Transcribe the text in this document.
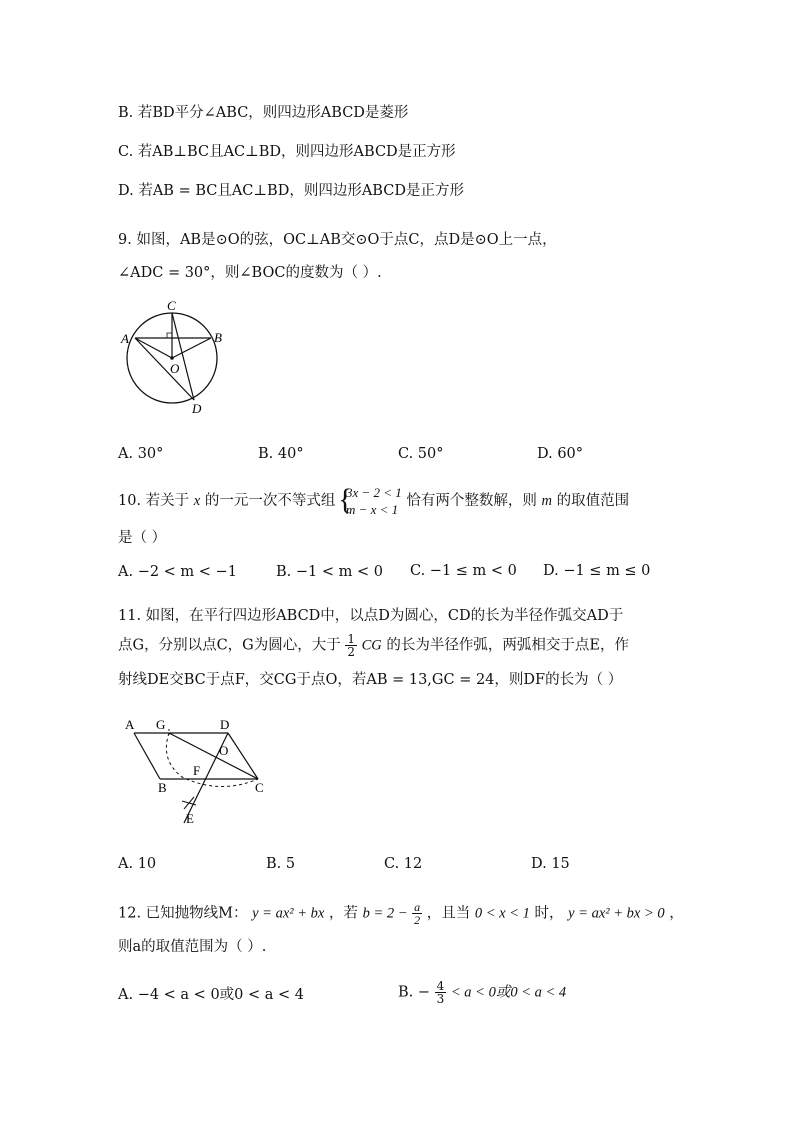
B. 若BD平分∠ABC，则四边形ABCD是菱形
C. 若AB⊥BC且AC⊥BD，则四边形ABCD是正方形
D. 若AB = BC且AC⊥BD，则四边形ABCD是正方形
9. 如图，AB是⊙O的弦，OC⊥AB交⊙O于点C，点D是⊙O上一点，
∠ADC = 30°，则∠BOC的度数为（ ）.
C
A	B
O
D
A. 30°	B. 40°	C. 50°	D. 60°
10. 若关于 x 的一元一次不等式组
{ 3x − 2 < 1
m − x < 1
恰有两个整数解，则 m 的取值范围
是（ ）
A. −2 < m < −1	B. −1 < m < 0 C. −1 ≤ m < 0 D. −1 ≤ m ≤ 0
11. 如图，在平行四边形ABCD中，以点D为圆心，CD的长为半径作弧交AD于
点G，分别以点C，G为圆心，大于 $\frac{1}{2}$ CG 的长为半径作弧，两弧相交于点E，作
射线DE交BC于点F，交CG于点O，若AB = 13,GC = 24，则DF的长为（ ）
A G	D
O
F
B	C
E
A. 10	B. 5	C. 12	D. 15
12. 已知抛物线M： y = ax² + bx ，若 $b = 2 - \frac{a}{2}$ ，且当 0 < x < 1 时， y = ax² + bx > 0 ，
则a的取值范围为（ ）.
A. −4 < a < 0或0 < a < 4	B. − $\frac{4}{3} < a < 0$或0 < a < 4
